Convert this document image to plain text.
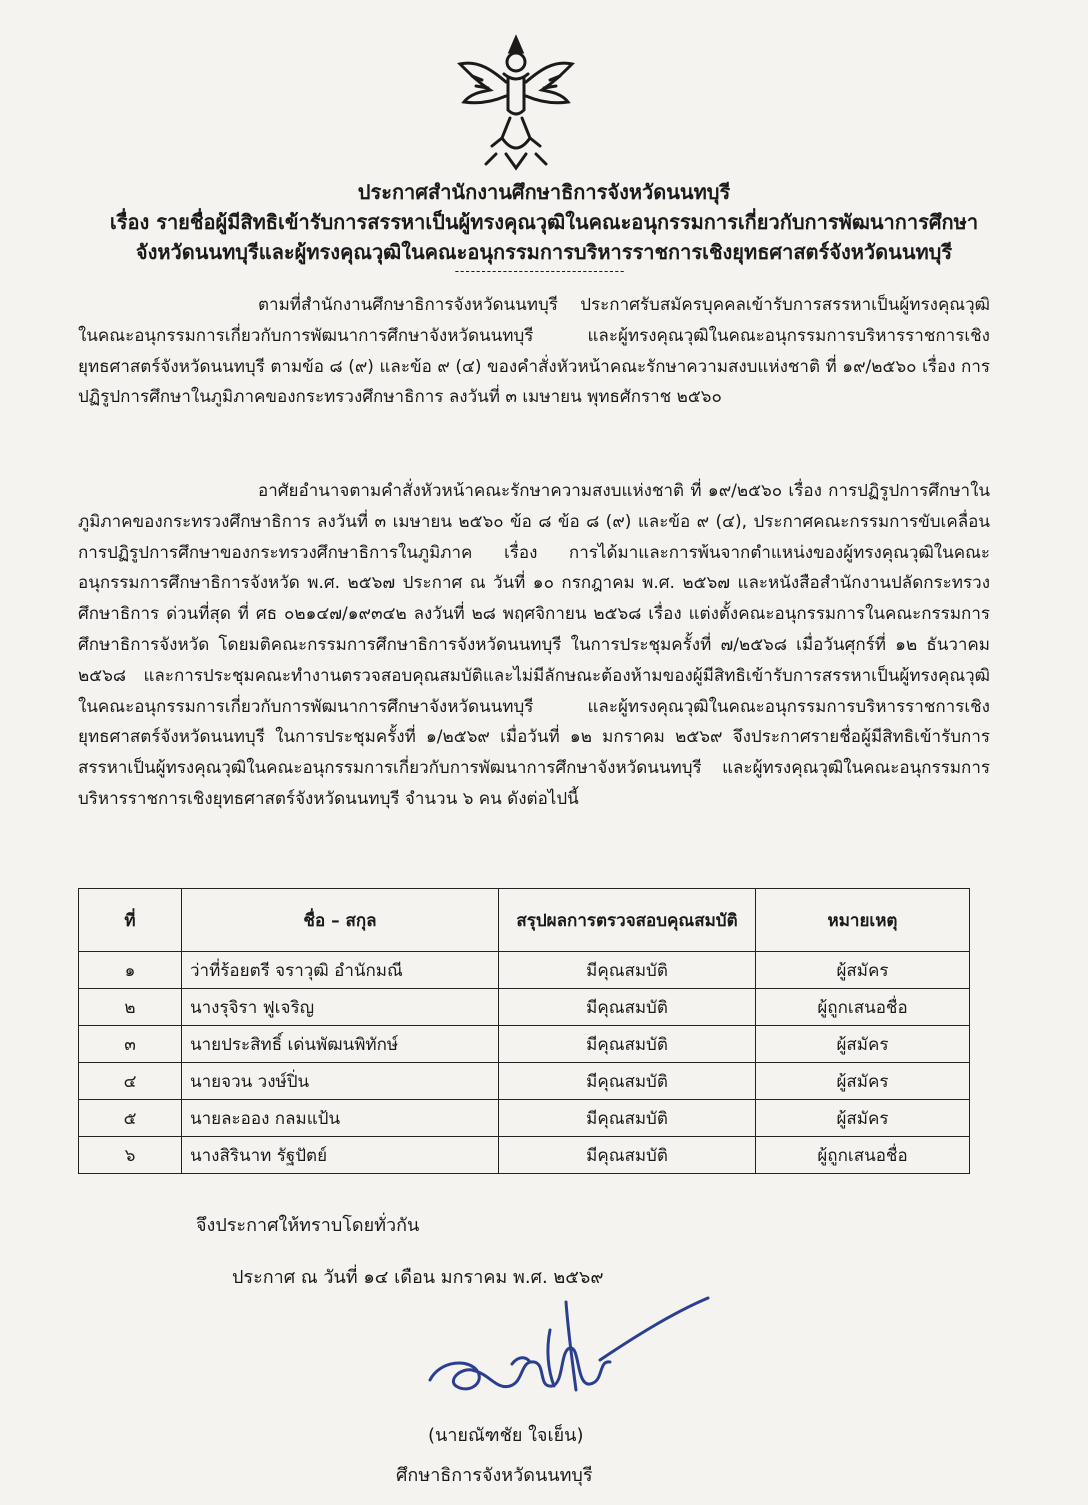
ประกาศสำนักงานศึกษาธิการจังหวัดนนทบุรี
เรื่อง รายชื่อผู้มีสิทธิเข้ารับการสรรหาเป็นผู้ทรงคุณวุฒิในคณะอนุกรรมการเกี่ยวกับการพัฒนาการศึกษา
จังหวัดนนทบุรีและผู้ทรงคุณวุฒิในคณะอนุกรรมการบริหารราชการเชิงยุทธศาสตร์จังหวัดนนทบุรี
--------------------------------
ตามที่สำนักงานศึกษาธิการจังหวัดนนทบุรี ประกาศรับสมัครบุคคลเข้ารับการสรรหาเป็นผู้ทรงคุณวุฒิในคณะอนุกรรมการเกี่ยวกับการพัฒนาการศึกษาจังหวัดนนทบุรี และผู้ทรงคุณวุฒิในคณะอนุกรรมการบริหารราชการเชิงยุทธศาสตร์จังหวัดนนทบุรี ตามข้อ ๘ (๙) และข้อ ๙ (๔) ของคำสั่งหัวหน้าคณะรักษาความสงบแห่งชาติ ที่ ๑๙/๒๕๖๐ เรื่อง การปฏิรูปการศึกษาในภูมิภาคของกระทรวงศึกษาธิการ ลงวันที่ ๓ เมษายน พุทธศักราช ๒๕๖๐
อาศัยอำนาจตามคำสั่งหัวหน้าคณะรักษาความสงบแห่งชาติ ที่ ๑๙/๒๕๖๐ เรื่อง การปฏิรูปการศึกษาในภูมิภาคของกระทรวงศึกษาธิการ ลงวันที่ ๓ เมษายน ๒๕๖๐ ข้อ ๘ ข้อ ๘ (๙) และข้อ ๙ (๔), ประกาศคณะกรรมการขับเคลื่อนการปฏิรูปการศึกษาของกระทรวงศึกษาธิการในภูมิภาค เรื่อง การได้มาและการพ้นจากตำแหน่งของผู้ทรงคุณวุฒิในคณะอนุกรรมการศึกษาธิการจังหวัด พ.ศ. ๒๕๖๗ ประกาศ ณ วันที่ ๑๐ กรกฎาคม พ.ศ. ๒๕๖๗ และหนังสือสำนักงานปลัดกระทรวงศึกษาธิการ ด่วนที่สุด ที่ ศธ ๐๒๑๔๗/๑๙๓๔๒ ลงวันที่ ๒๘ พฤศจิกายน ๒๕๖๘ เรื่อง แต่งตั้งคณะอนุกรรมการในคณะกรรมการศึกษาธิการจังหวัด โดยมติคณะกรรมการศึกษาธิการจังหวัดนนทบุรี ในการประชุมครั้งที่ ๗/๒๕๖๘ เมื่อวันศุกร์ที่ ๑๒ ธันวาคม ๒๕๖๘ และการประชุมคณะทำงานตรวจสอบคุณสมบัติและไม่มีลักษณะต้องห้ามของผู้มีสิทธิเข้ารับการสรรหาเป็นผู้ทรงคุณวุฒิในคณะอนุกรรมการเกี่ยวกับการพัฒนาการศึกษาจังหวัดนนทบุรี และผู้ทรงคุณวุฒิในคณะอนุกรรมการบริหารราชการเชิงยุทธศาสตร์จังหวัดนนทบุรี ในการประชุมครั้งที่ ๑/๒๕๖๙ เมื่อวันที่ ๑๒ มกราคม ๒๕๖๙ จึงประกาศรายชื่อผู้มีสิทธิเข้ารับการสรรหาเป็นผู้ทรงคุณวุฒิในคณะอนุกรรมการเกี่ยวกับการพัฒนาการศึกษาจังหวัดนนทบุรี และผู้ทรงคุณวุฒิในคณะอนุกรรมการบริหารราชการเชิงยุทธศาสตร์จังหวัดนนทบุรี จำนวน ๖ คน ดังต่อไปนี้
ที่	ชื่อ – สกุล	สรุปผลการตรวจสอบคุณสมบัติ	หมายเหตุ
๑	ว่าที่ร้อยตรี จราวุฒิ อำนักมณี	มีคุณสมบัติ	ผู้สมัคร
๒	นางรุจิรา ฟูเจริญ	มีคุณสมบัติ	ผู้ถูกเสนอชื่อ
๓	นายประสิทธิ์ เด่นพัฒนพิทักษ์	มีคุณสมบัติ	ผู้สมัคร
๔	นายจวน วงษ์ปิ่น	มีคุณสมบัติ	ผู้สมัคร
๕	นายละออง กลมแป้น	มีคุณสมบัติ	ผู้สมัคร
๖	นางสิรินาท รัฐปัตย์	มีคุณสมบัติ	ผู้ถูกเสนอชื่อ
จึงประกาศให้ทราบโดยทั่วกัน
ประกาศ ณ วันที่ ๑๔ เดือน มกราคม พ.ศ. ๒๕๖๙
(นายณัฑชัย ใจเย็น)
ศึกษาธิการจังหวัดนนทบุรี
